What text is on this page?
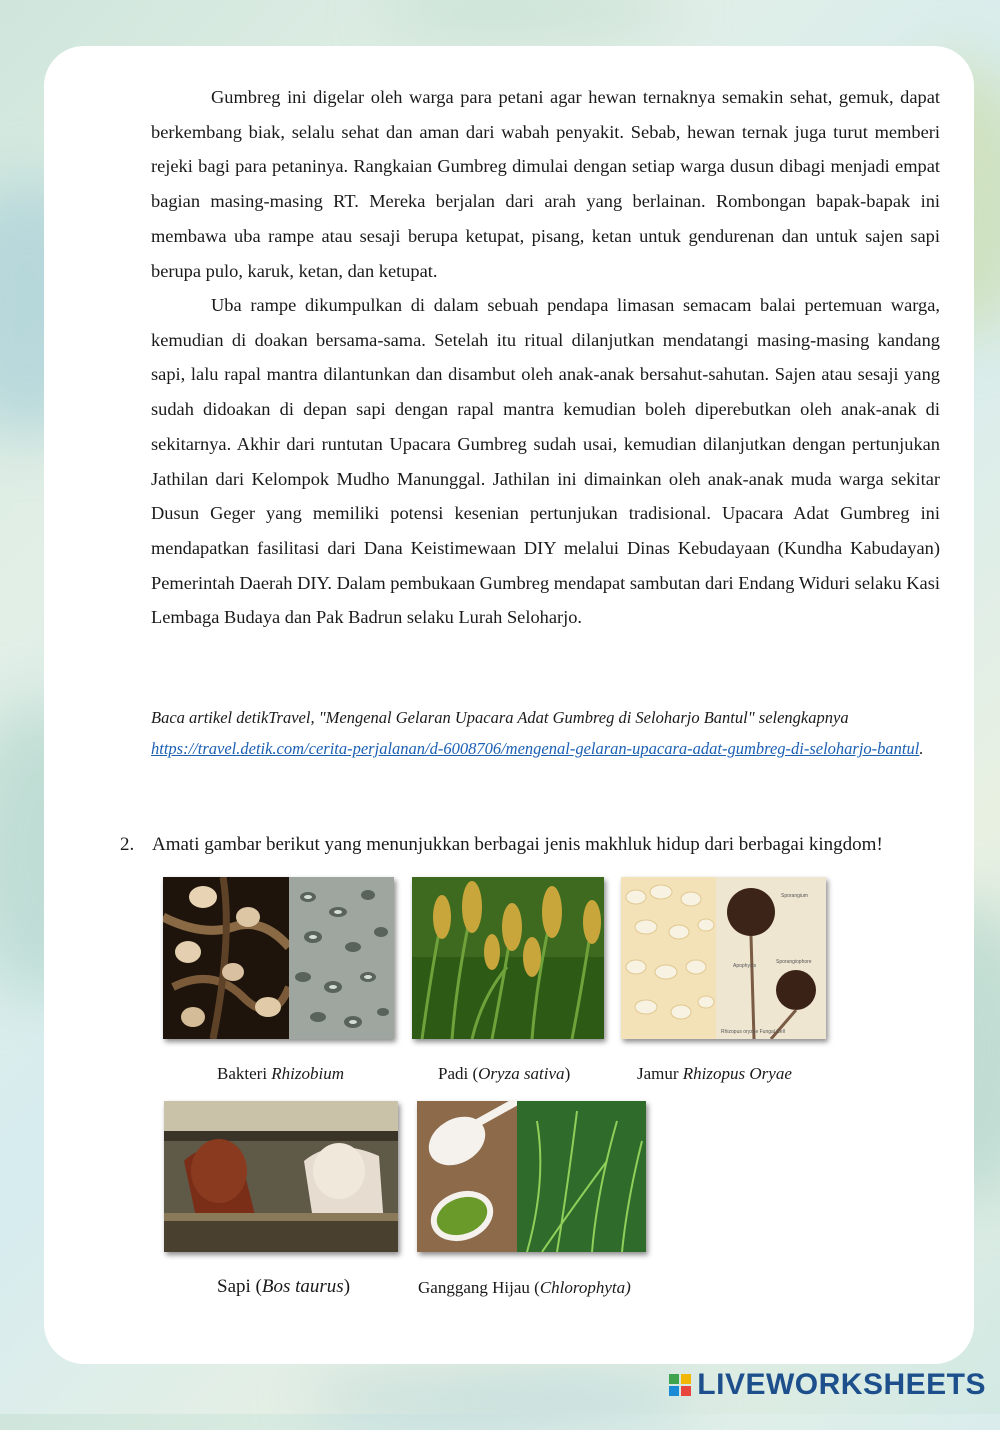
Gumbreg ini digelar oleh warga para petani agar hewan ternaknya semakin sehat, gemuk, dapat berkembang biak, selalu sehat dan aman dari wabah penyakit. Sebab, hewan ternak juga turut memberi rejeki bagi para petaninya. Rangkaian Gumbreg dimulai dengan setiap warga dusun dibagi menjadi empat bagian masing-masing RT. Mereka berjalan dari arah yang berlainan. Rombongan bapak-bapak ini membawa uba rampe atau sesaji berupa ketupat, pisang, ketan untuk gendurenan dan untuk sajen sapi berupa pulo, karuk, ketan, dan ketupat.

Uba rampe dikumpulkan di dalam sebuah pendapa limasan semacam balai pertemuan warga, kemudian di doakan bersama-sama. Setelah itu ritual dilanjutkan mendatangi masing-masing kandang sapi, lalu rapal mantra dilantunkan dan disambut oleh anak-anak bersahut-sahutan. Sajen atau sesaji yang sudah didoakan di depan sapi dengan rapal mantra kemudian boleh diperebutkan oleh anak-anak di sekitarnya. Akhir dari runtutan Upacara Gumbreg sudah usai, kemudian dilanjutkan dengan pertunjukan Jathilan dari Kelompok Mudho Manunggal. Jathilan ini dimainkan oleh anak-anak muda warga sekitar Dusun Geger yang memiliki potensi kesenian pertunjukan tradisional. Upacara Adat Gumbreg ini mendapatkan fasilitasi dari Dana Keistimewaan DIY melalui Dinas Kebudayaan (Kundha Kabudayan) Pemerintah Daerah DIY. Dalam pembukaan Gumbreg mendapat sambutan dari Endang Widuri selaku Kasi Lembaga Budaya dan Pak Badrun selaku Lurah Seloharjo.

Baca artikel detikTravel, "Mengenal Gelaran Upacara Adat Gumbreg di Seloharjo Bantul" selengkapnya https://travel.detik.com/cerita-perjalanan/d-6008706/mengenal-gelaran-upacara-adat-gumbreg-di-seloharjo-bantul.

2. Amati gambar berikut yang menunjukkan berbagai jenis makhluk hidup dari berbagai kingdom!
Sporangium
Apophysis
Sporangiophore
Rhizopus oryzae Fungal Cell
Bakteri Rhizobium	Padi (Oryza sativa)	Jamur Rhizopus Oryae
Sapi (Bos taurus)	Ganggang Hijau (Chlorophyta)
LIVEWORKSHEETS
